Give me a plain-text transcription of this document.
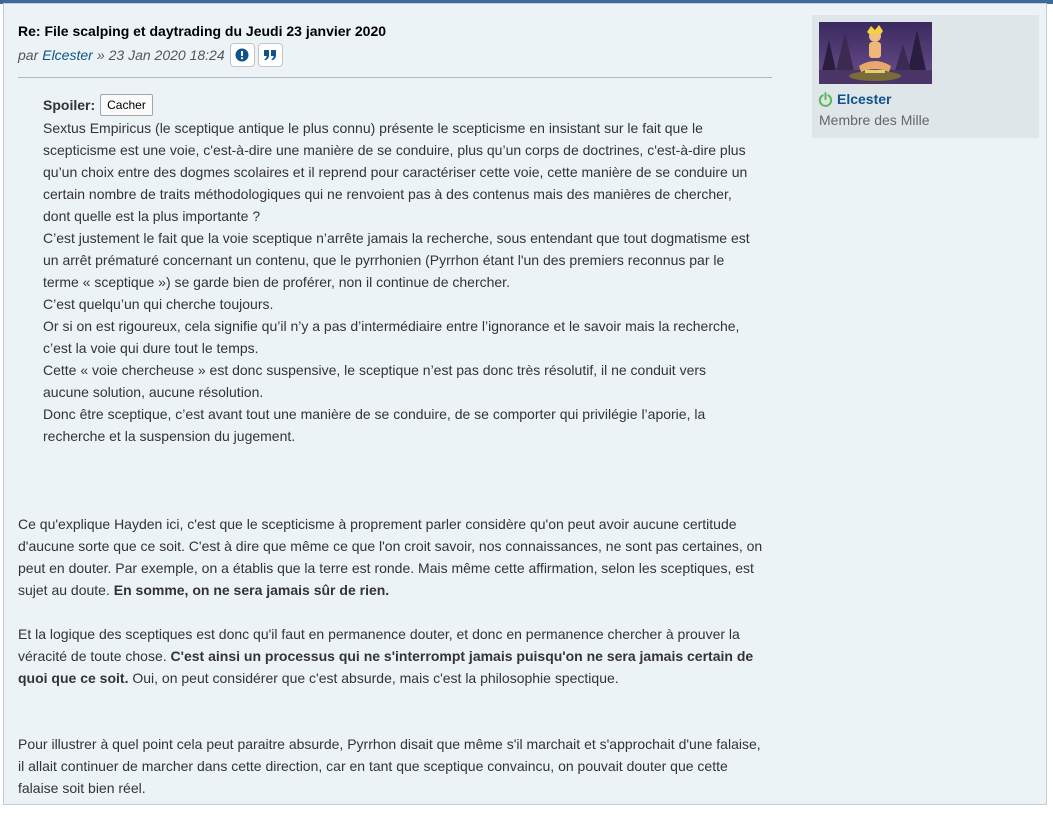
Re: File scalping et daytrading du Jeudi 23 janvier 2020
par Elcester » 23 Jan 2020 18:24
Spoiler:	Cacher

Sextus Empiricus (le sceptique antique le plus connu) présente le scepticisme en insistant sur le fait que le scepticisme est une voie, c'est-à-dire une manière de se conduire, plus qu’un corps de doctrines, c'est-à-dire plus qu’un choix entre des dogmes scolaires et il reprend pour caractériser cette voie, cette manière de se conduire un certain nombre de traits méthodologiques qui ne renvoient pas à des contenus mais des manières de chercher, dont quelle est la plus importante ?

C’est justement le fait que la voie sceptique n’arrête jamais la recherche, sous entendant que tout dogmatisme est un arrêt prématuré concernant un contenu, que le pyrrhonien (Pyrrhon étant l'un des premiers reconnus par le terme « sceptique ») se garde bien de proférer, non il continue de chercher.

C’est quelqu’un qui cherche toujours.

Or si on est rigoureux, cela signifie qu’il n’y a pas d’intermédiaire entre l’ignorance et le savoir mais la recherche, c’est la voie qui dure tout le temps.

Cette « voie chercheuse » est donc suspensive, le sceptique n’est pas donc très résolutif, il ne conduit vers aucune solution, aucune résolution.

Donc être sceptique, c’est avant tout une manière de se conduire, de se comporter qui privilégie l’aporie, la recherche et la suspension du jugement.

Ce qu'explique Hayden ici, c'est que le scepticisme à proprement parler considère qu'on peut avoir aucune certitude d'aucune sorte que ce soit. C'est à dire que même ce que l'on croit savoir, nos connaissances, ne sont pas certaines, on peut en douter. Par exemple, on a établis que la terre est ronde. Mais même cette affirmation, selon les sceptiques, est sujet au doute. En somme, on ne sera jamais sûr de rien.

Et la logique des sceptiques est donc qu'il faut en permanence douter, et donc en permanence chercher à prouver la véracité de toute chose. C'est ainsi un processus qui ne s'interrompt jamais puisqu'on ne sera jamais certain de quoi que ce soit. Oui, on peut considérer que c'est absurde, mais c'est la philosophie spectique.

Pour illustrer à quel point cela peut paraitre absurde, Pyrrhon disait que même s'il marchait et s'approchait d'une falaise, il allait continuer de marcher dans cette direction, car en tant que sceptique convaincu, on pouvait douter que cette falaise soit bien réel.

Elcester
Membre des Mille
